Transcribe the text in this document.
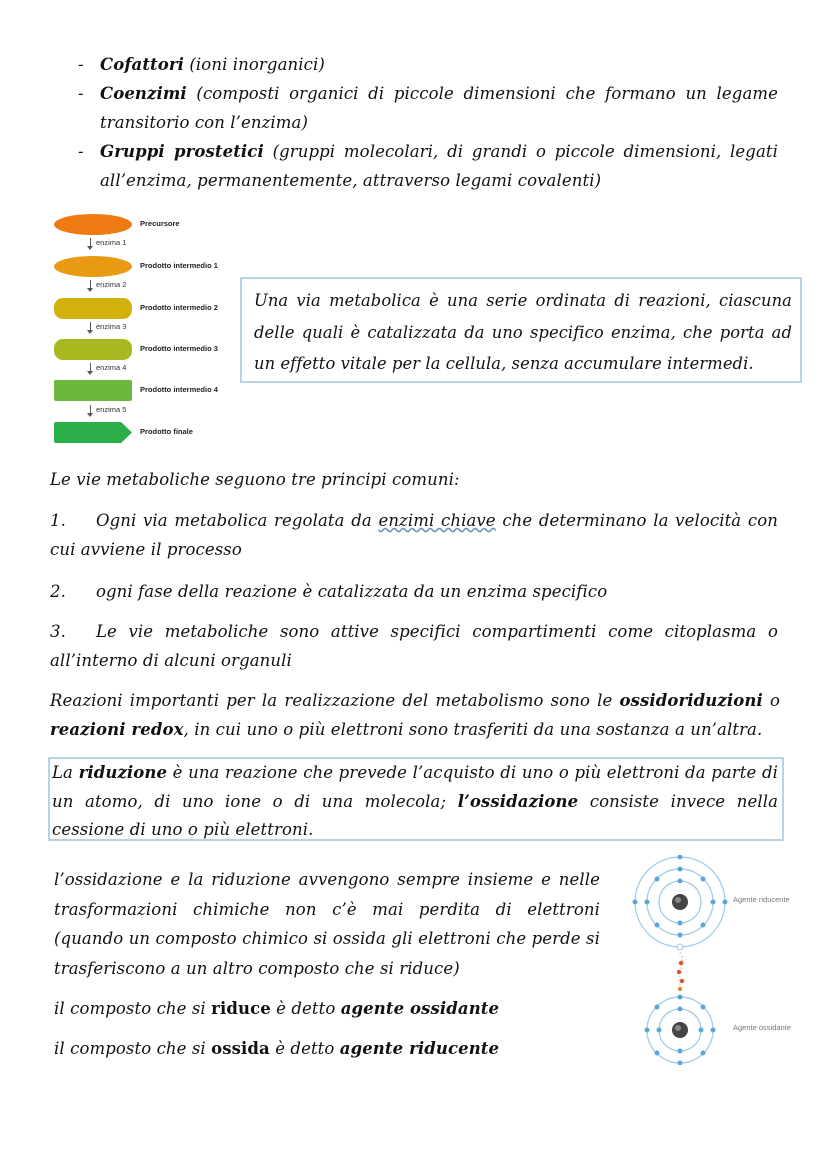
- Cofattori (ioni inorganici)
- Coenzimi (composti organici di piccole dimensioni che formano un legame transitorio con l’enzima)
- Gruppi prostetici (gruppi molecolari, di grandi o piccole dimensioni, legati all’enzima, permanentemente, attraverso legami covalenti)
Precursore
enzima 1
Prodotto intermedio 1
enzima 2
Prodotto intermedio 2
enzima 3
Prodotto intermedio 3
enzima 4
Prodotto intermedio 4
enzima 5
Prodotto finale
Una via metabolica è una serie ordinata di reazioni, ciascuna delle quali è catalizzata da uno specifico enzima, che porta ad un effetto vitale per la cellula, senza accumulare intermedi.
Le vie metaboliche seguono tre principi comuni:
1. Ogni via metabolica regolata da enzimi chiave che determinano la velocità con cui avviene il processo
2. ogni fase della reazione è catalizzata da un enzima specifico
3. Le vie metaboliche sono attive specifici compartimenti come citoplasma o all’interno di alcuni organuli
Reazioni importanti per la realizzazione del metabolismo sono le ossidoriduzioni o reazioni redox, in cui uno o più elettroni sono trasferiti da una sostanza a un’altra.
La riduzione è una reazione che prevede l’acquisto di uno o più elettroni da parte di un atomo, di uno ione o di una molecola; l’ossidazione consiste invece nella cessione di uno o più elettroni.
l’ossidazione e la riduzione avvengono sempre insieme e nelle trasformazioni chimiche non c’è mai perdita di elettroni (quando un composto chimico si ossida gli elettroni che perde si trasferiscono a un altro composto che si riduce)
il composto che si riduce è detto agente ossidante
il composto che si ossida è detto agente riducente
Agente riducente
Agente ossidante
